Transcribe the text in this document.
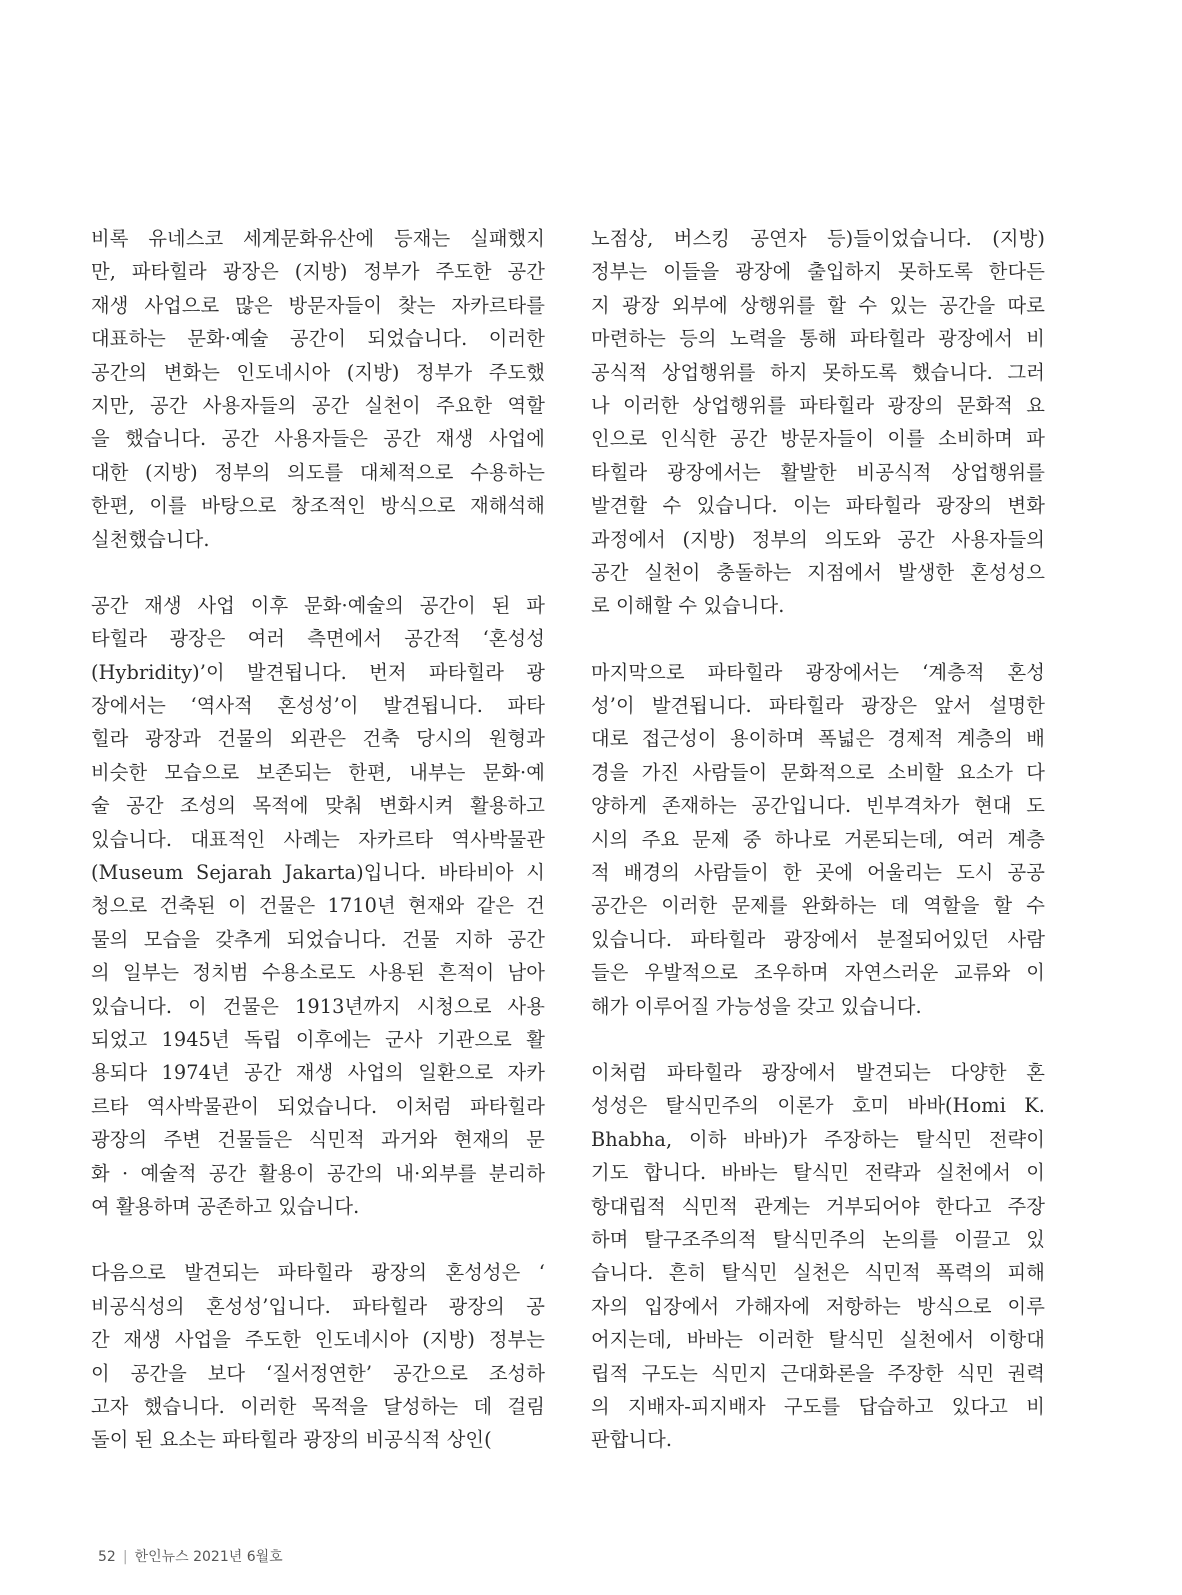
비록 유네스코 세계문화유산에 등재는 실패했지
만, 파타힐라 광장은 (지방) 정부가 주도한 공간
재생 사업으로 많은 방문자들이 찾는 자카르타를
대표하는 문화·예술 공간이 되었습니다. 이러한
공간의 변화는 인도네시아 (지방) 정부가 주도했
지만, 공간 사용자들의 공간 실천이 주요한 역할
을 했습니다. 공간 사용자들은 공간 재생 사업에
대한 (지방) 정부의 의도를 대체적으로 수용하는
한편, 이를 바탕으로 창조적인 방식으로 재해석해
실천했습니다.
공간 재생 사업 이후 문화·예술의 공간이 된 파
타힐라 광장은 여러 측면에서 공간적 ‘혼성성
(Hybridity)’이 발견됩니다. 번저 파타힐라 광
장에서는 ‘역사적 혼성성’이 발견됩니다. 파타
힐라 광장과 건물의 외관은 건축 당시의 원형과
비슷한 모습으로 보존되는 한편, 내부는 문화·예
술 공간 조성의 목적에 맞춰 변화시켜 활용하고
있습니다. 대표적인 사례는 자카르타 역사박물관
(Museum Sejarah Jakarta)입니다. 바타비아 시
청으로 건축된 이 건물은 1710년 현재와 같은 건
물의 모습을 갖추게 되었습니다. 건물 지하 공간
의 일부는 정치범 수용소로도 사용된 흔적이 남아
있습니다. 이 건물은 1913년까지 시청으로 사용
되었고 1945년 독립 이후에는 군사 기관으로 활
용되다 1974년 공간 재생 사업의 일환으로 자카
르타 역사박물관이 되었습니다. 이처럼 파타힐라
광장의 주변 건물들은 식민적 과거와 현재의 문
화 · 예술적 공간 활용이 공간의 내·외부를 분리하
여 활용하며 공존하고 있습니다.
다음으로 발견되는 파타힐라 광장의 혼성성은 ‘
비공식성의 혼성성’입니다. 파타힐라 광장의 공
간 재생 사업을 주도한 인도네시아 (지방) 정부는
이 공간을 보다 ‘질서정연한’ 공간으로 조성하
고자 했습니다. 이러한 목적을 달성하는 데 걸림
돌이 된 요소는 파타힐라 광장의 비공식적 상인(
노점상, 버스킹 공연자 등)들이었습니다. (지방)
정부는 이들을 광장에 출입하지 못하도록 한다든
지 광장 외부에 상행위를 할 수 있는 공간을 따로
마련하는 등의 노력을 통해 파타힐라 광장에서 비
공식적 상업행위를 하지 못하도록 했습니다. 그러
나 이러한 상업행위를 파타힐라 광장의 문화적 요
인으로 인식한 공간 방문자들이 이를 소비하며 파
타힐라 광장에서는 활발한 비공식적 상업행위를
발견할 수 있습니다. 이는 파타힐라 광장의 변화
과정에서 (지방) 정부의 의도와 공간 사용자들의
공간 실천이 충돌하는 지점에서 발생한 혼성성으
로 이해할 수 있습니다.
마지막으로 파타힐라 광장에서는 ‘계층적 혼성
성’이 발견됩니다. 파타힐라 광장은 앞서 설명한
대로 접근성이 용이하며 폭넓은 경제적 계층의 배
경을 가진 사람들이 문화적으로 소비할 요소가 다
양하게 존재하는 공간입니다. 빈부격차가 현대 도
시의 주요 문제 중 하나로 거론되는데, 여러 계층
적 배경의 사람들이 한 곳에 어울리는 도시 공공
공간은 이러한 문제를 완화하는 데 역할을 할 수
있습니다. 파타힐라 광장에서 분절되어있던 사람
들은 우발적으로 조우하며 자연스러운 교류와 이
해가 이루어질 가능성을 갖고 있습니다.
이처럼 파타힐라 광장에서 발견되는 다양한 혼
성성은 탈식민주의 이론가 호미 바바(Homi K.
Bhabha, 이하 바바)가 주장하는 탈식민 전략이
기도 합니다. 바바는 탈식민 전략과 실천에서 이
항대립적 식민적 관계는 거부되어야 한다고 주장
하며 탈구조주의적 탈식민주의 논의를 이끌고 있
습니다. 흔히 탈식민 실천은 식민적 폭력의 피해
자의 입장에서 가해자에 저항하는 방식으로 이루
어지는데, 바바는 이러한 탈식민 실천에서 이항대
립적 구도는 식민지 근대화론을 주장한 식민 권력
의 지배자-피지배자 구도를 답습하고 있다고 비
판합니다.
52 | 한인뉴스 2021년 6월호
